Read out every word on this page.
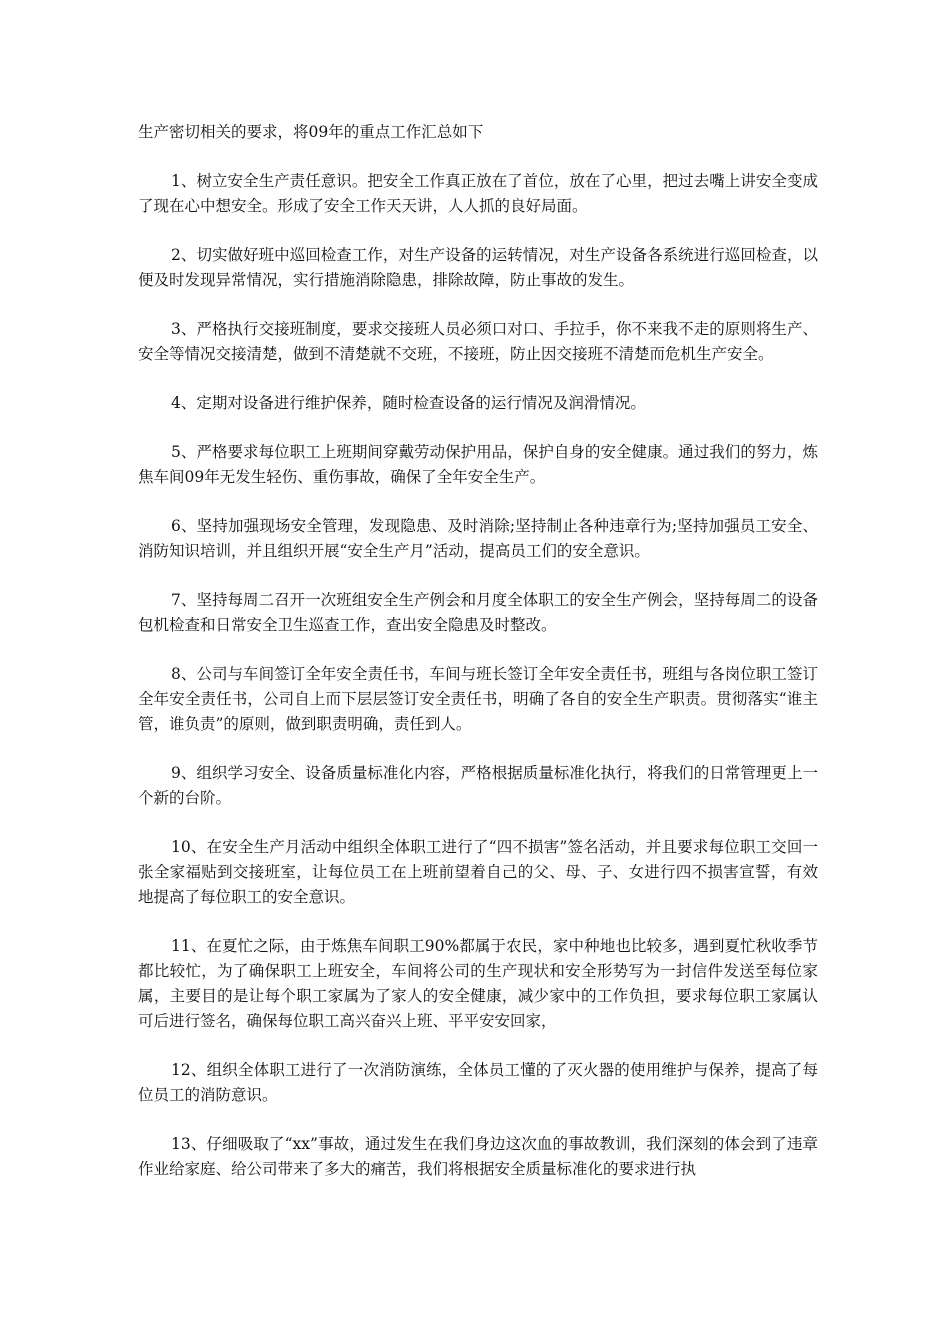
生产密切相关的要求，将09年的重点工作汇总如下

1、树立安全生产责任意识。把安全工作真正放在了首位，放在了心里，把过去嘴上讲安全变成了现在心中想安全。形成了安全工作天天讲，人人抓的良好局面。

2、切实做好班中巡回检查工作，对生产设备的运转情况，对生产设备各系统进行巡回检查，以便及时发现异常情况，实行措施消除隐患，排除故障，防止事故的发生。

3、严格执行交接班制度，要求交接班人员必须口对口、手拉手，你不来我不走的原则将生产、安全等情况交接清楚，做到不清楚就不交班，不接班，防止因交接班不清楚而危机生产安全。

4、定期对设备进行维护保养，随时检查设备的运行情况及润滑情况。

5、严格要求每位职工上班期间穿戴劳动保护用品，保护自身的安全健康。通过我们的努力，炼焦车间09年无发生轻伤、重伤事故，确保了全年安全生产。

6、坚持加强现场安全管理，发现隐患、及时消除;坚持制止各种违章行为;坚持加强员工安全、消防知识培训，并且组织开展“安全生产月”活动，提高员工们的安全意识。

7、坚持每周二召开一次班组安全生产例会和月度全体职工的安全生产例会，坚持每周二的设备包机检查和日常安全卫生巡查工作，查出安全隐患及时整改。

8、公司与车间签订全年安全责任书，车间与班长签订全年安全责任书，班组与各岗位职工签订全年安全责任书，公司自上而下层层签订安全责任书，明确了各自的安全生产职责。贯彻落实“谁主管，谁负责”的原则，做到职责明确，责任到人。

9、组织学习安全、设备质量标准化内容，严格根据质量标准化执行，将我们的日常管理更上一个新的台阶。

10、在安全生产月活动中组织全体职工进行了“四不损害”签名活动，并且要求每位职工交回一张全家福贴到交接班室，让每位员工在上班前望着自己的父、母、子、女进行四不损害宣誓，有效地提高了每位职工的安全意识。

11、在夏忙之际，由于炼焦车间职工90%都属于农民，家中种地也比较多，遇到夏忙秋收季节都比较忙，为了确保职工上班安全，车间将公司的生产现状和安全形势写为一封信件发送至每位家属，主要目的是让每个职工家属为了家人的安全健康，减少家中的工作负担，要求每位职工家属认可后进行签名，确保每位职工高兴奋兴上班、平平安安回家，

12、组织全体职工进行了一次消防演练，全体员工懂的了灭火器的使用维护与保养，提高了每位员工的消防意识。

13、仔细吸取了“xx”事故，通过发生在我们身边这次血的事故教训，我们深刻的体会到了违章作业给家庭、给公司带来了多大的痛苦，我们将根据安全质量标准化的要求进行执
